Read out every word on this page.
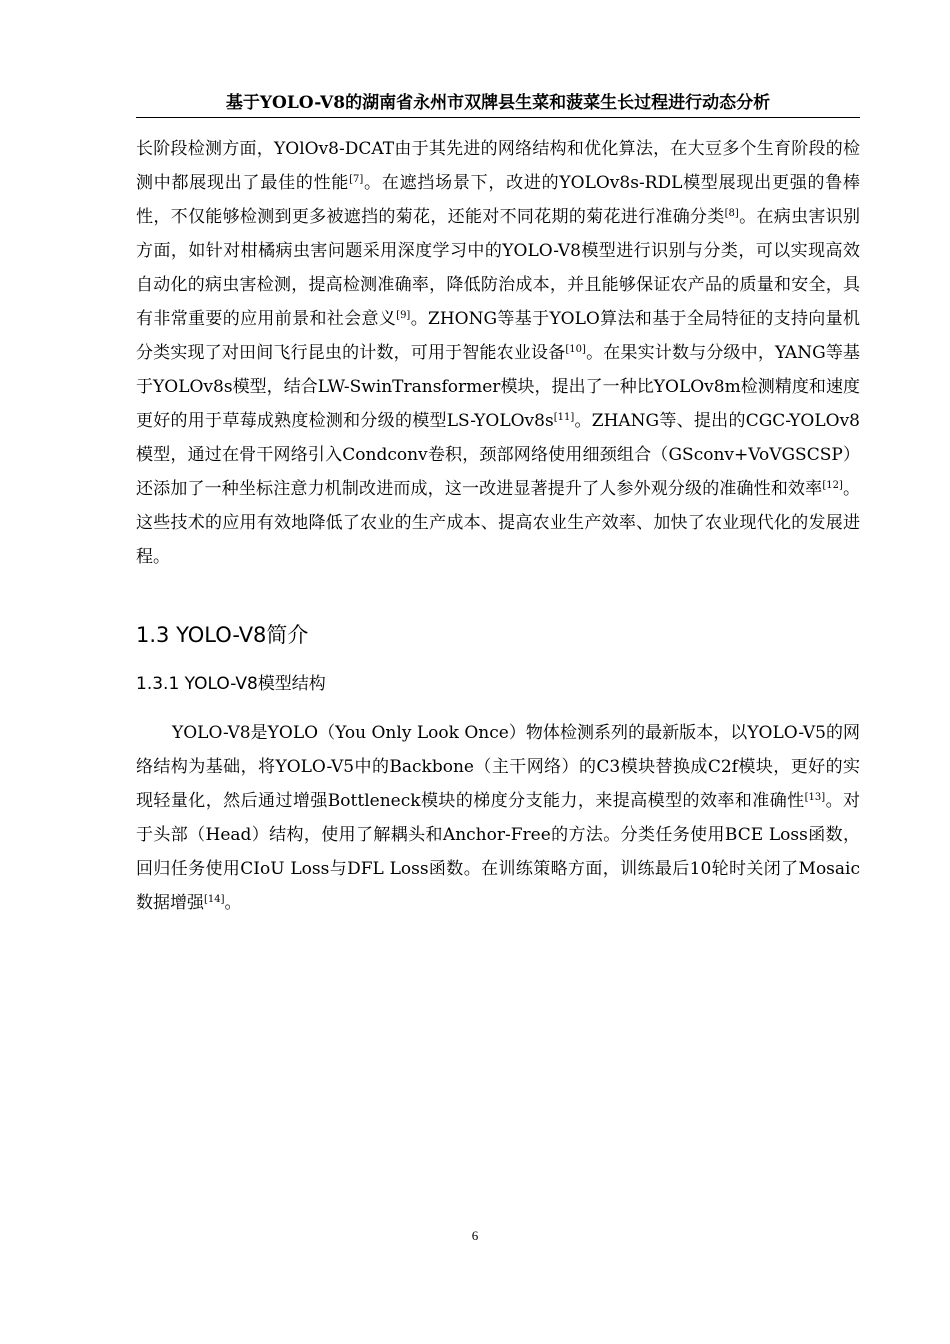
基于YOLO-V8的湖南省永州市双牌县生菜和菠菜生长过程进行动态分析
长阶段检测方面，YOlOv8-DCAT由于其先进的网络结构和优化算法，在大豆多个生育阶段的检测中都展现出了最佳的性能[7]。在遮挡场景下，改进的YOLOv8s-RDL模型展现出更强的鲁棒性，不仅能够检测到更多被遮挡的菊花，还能对不同花期的菊花进行准确分类[8]。在病虫害识别方面，如针对柑橘病虫害问题采用深度学习中的YOLO-V8模型进行识别与分类，可以实现高效自动化的病虫害检测，提高检测准确率，降低防治成本，并且能够保证农产品的质量和安全，具有非常重要的应用前景和社会意义[9]。ZHONG等基于YOLO算法和基于全局特征的支持向量机分类实现了对田间飞行昆虫的计数，可用于智能农业设备[10]。在果实计数与分级中，YANG等基于YOLOv8s模型，结合LW-SwinTransformer模块，提出了一种比YOLOv8m检测精度和速度更好的用于草莓成熟度检测和分级的模型LS-YOLOv8s[11]。ZHANG等、提出的CGC-YOLOv8模型，通过在骨干网络引入Condconv卷积，颈部网络使用细颈组合（GSconv+VoVGSCSP）还添加了一种坐标注意力机制改进而成，这一改进显著提升了人参外观分级的准确性和效率[12]。这些技术的应用有效地降低了农业的生产成本、提高农业生产效率、加快了农业现代化的发展进程。
1.3 YOLO-V8简介
1.3.1 YOLO-V8模型结构
YOLO-V8是YOLO（You Only Look Once）物体检测系列的最新版本，以YOLO-V5的网络结构为基础，将YOLO-V5中的Backbone（主干网络）的C3模块替换成C2f模块，更好的实现轻量化，然后通过增强Bottleneck模块的梯度分支能力，来提高模型的效率和准确性[13]。对于头部（Head）结构，使用了解耦头和Anchor-Free的方法。分类任务使用BCE Loss函数，回归任务使用CIoU Loss与DFL Loss函数。在训练策略方面，训练最后10轮时关闭了Mosaic数据增强[14]。
6
